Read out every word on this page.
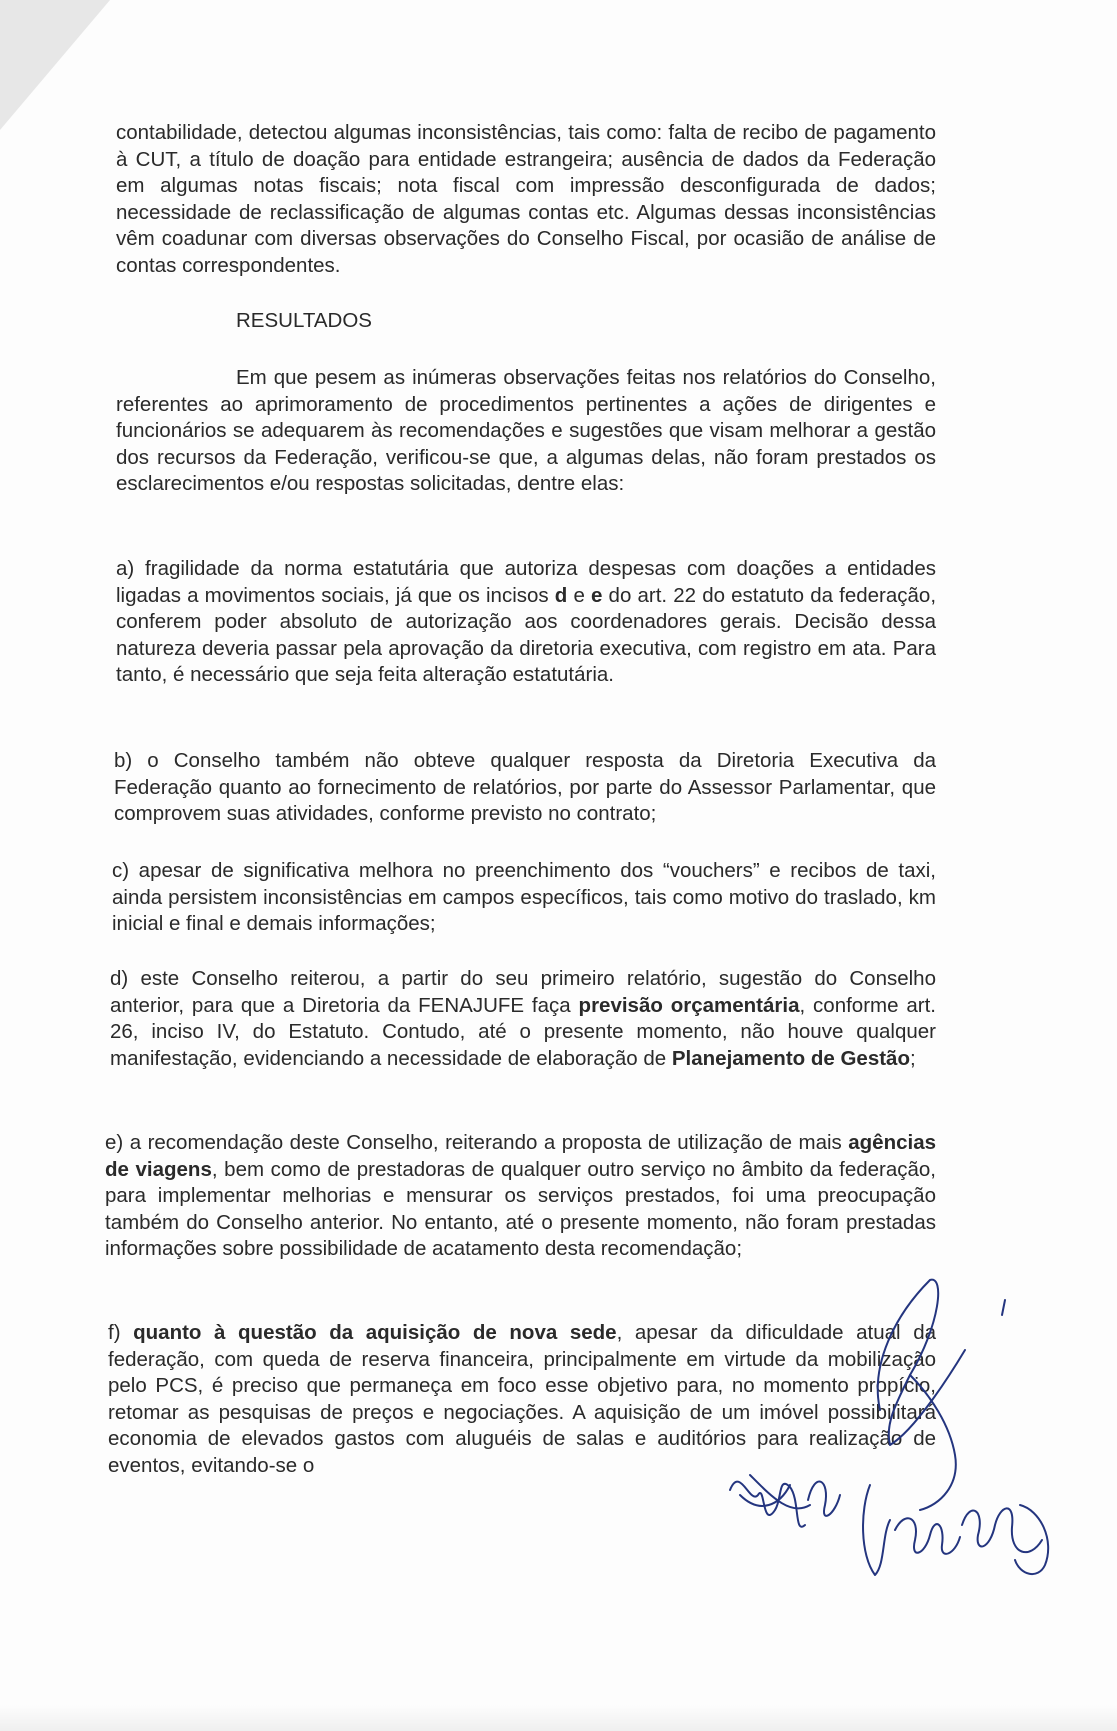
contabilidade, detectou algumas inconsistências, tais como: falta de recibo de pagamento à CUT, a título de doação para entidade estrangeira; ausência de dados da Federação em algumas notas fiscais; nota fiscal com impressão desconfigurada de dados; necessidade de reclassificação de algumas contas etc. Algumas dessas inconsistências vêm coadunar com diversas observações do Conselho Fiscal, por ocasião de análise de contas correspondentes.

RESULTADOS

Em que pesem as inúmeras observações feitas nos relatórios do Conselho, referentes ao aprimoramento de procedimentos pertinentes a ações de dirigentes e funcionários se adequarem às recomendações e sugestões que visam melhorar a gestão dos recursos da Federação, verificou-se que, a algumas delas, não foram prestados os esclarecimentos e/ou respostas solicitadas, dentre elas:

a) fragilidade da norma estatutária que autoriza despesas com doações a entidades ligadas a movimentos sociais, já que os incisos d e e do art. 22 do estatuto da federação, conferem poder absoluto de autorização aos coordenadores gerais. Decisão dessa natureza deveria passar pela aprovação da diretoria executiva, com registro em ata. Para tanto, é necessário que seja feita alteração estatutária.

b) o Conselho também não obteve qualquer resposta da Diretoria Executiva da Federação quanto ao fornecimento de relatórios, por parte do Assessor Parlamentar, que comprovem suas atividades, conforme previsto no contrato;

c) apesar de significativa melhora no preenchimento dos “vouchers” e recibos de taxi, ainda persistem inconsistências em campos específicos, tais como motivo do traslado, km inicial e final e demais informações;

d) este Conselho reiterou, a partir do seu primeiro relatório, sugestão do Conselho anterior, para que a Diretoria da FENAJUFE faça previsão orçamentária, conforme art. 26, inciso IV, do Estatuto. Contudo, até o presente momento, não houve qualquer manifestação, evidenciando a necessidade de elaboração de Planejamento de Gestão;

e) a recomendação deste Conselho, reiterando a proposta de utilização de mais agências de viagens, bem como de prestadoras de qualquer outro serviço no âmbito da federação, para implementar melhorias e mensurar os serviços prestados, foi uma preocupação também do Conselho anterior. No entanto, até o presente momento, não foram prestadas informações sobre possibilidade de acatamento desta recomendação;

f) quanto à questão da aquisição de nova sede, apesar da dificuldade atual da federação, com queda de reserva financeira, principalmente em virtude da mobilização pelo PCS, é preciso que permaneça em foco esse objetivo para, no momento propício, retomar as pesquisas de preços e negociações. A aquisição de um imóvel possibilitará economia de elevados gastos com aluguéis de salas e auditórios para realização de eventos, evitando-se o
